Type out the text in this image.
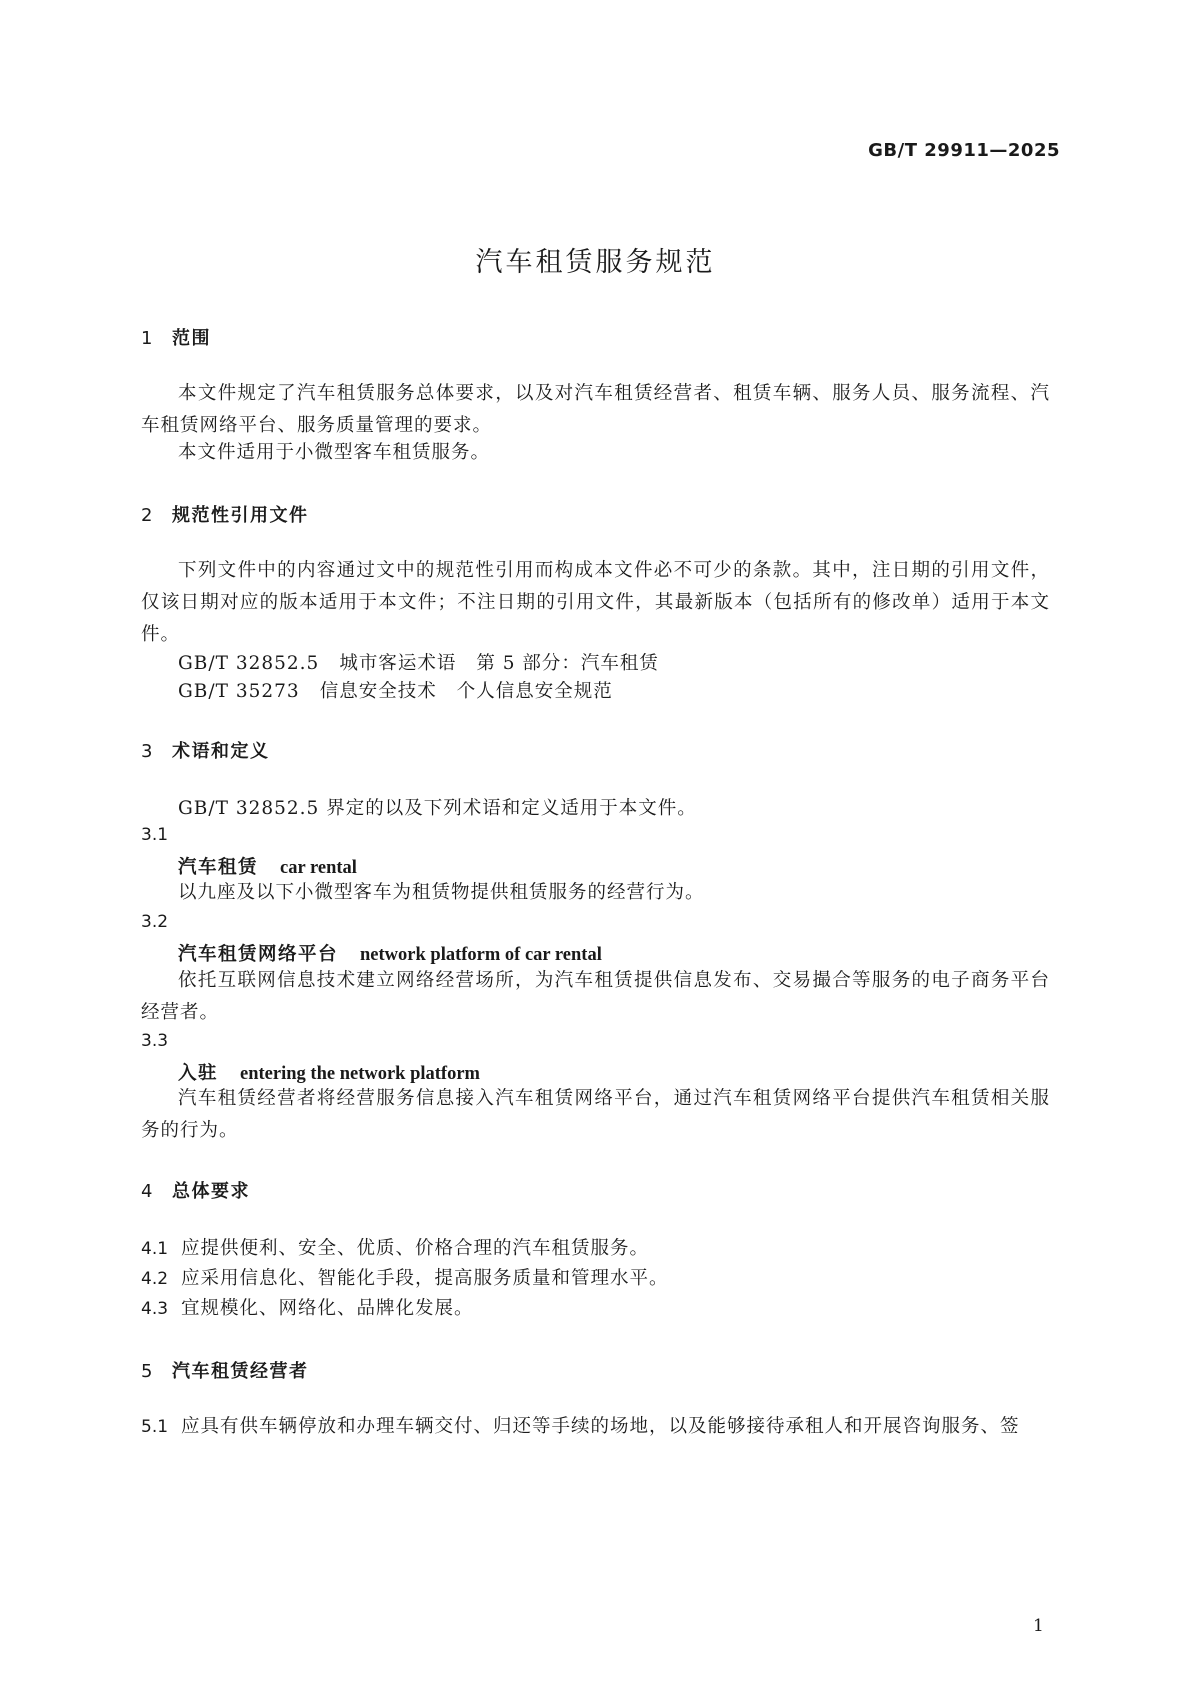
GB/T 29911—2025
汽车租赁服务规范
1 范围
本文件规定了汽车租赁服务总体要求，以及对汽车租赁经营者、租赁车辆、服务人员、服务流程、汽车租赁网络平台、服务质量管理的要求。
本文件适用于小微型客车租赁服务。
2 规范性引用文件
下列文件中的内容通过文中的规范性引用而构成本文件必不可少的条款。其中，注日期的引用文件，仅该日期对应的版本适用于本文件；不注日期的引用文件，其最新版本（包括所有的修改单）适用于本文件。
GB/T 32852.5 城市客运术语 第 5 部分：汽车租赁
GB/T 35273 信息安全技术 个人信息安全规范
3 术语和定义
GB/T 32852.5 界定的以及下列术语和定义适用于本文件。
3.1
汽车租赁 car rental
以九座及以下小微型客车为租赁物提供租赁服务的经营行为。
3.2
汽车租赁网络平台 network platform of car rental
依托互联网信息技术建立网络经营场所，为汽车租赁提供信息发布、交易撮合等服务的电子商务平台经营者。
3.3
入驻 entering the network platform
汽车租赁经营者将经营服务信息接入汽车租赁网络平台，通过汽车租赁网络平台提供汽车租赁相关服务的行为。
4 总体要求
4.1 应提供便利、安全、优质、价格合理的汽车租赁服务。
4.2 应采用信息化、智能化手段，提高服务质量和管理水平。
4.3 宜规模化、网络化、品牌化发展。
5 汽车租赁经营者
5.1 应具有供车辆停放和办理车辆交付、归还等手续的场地，以及能够接待承租人和开展咨询服务、签
1
